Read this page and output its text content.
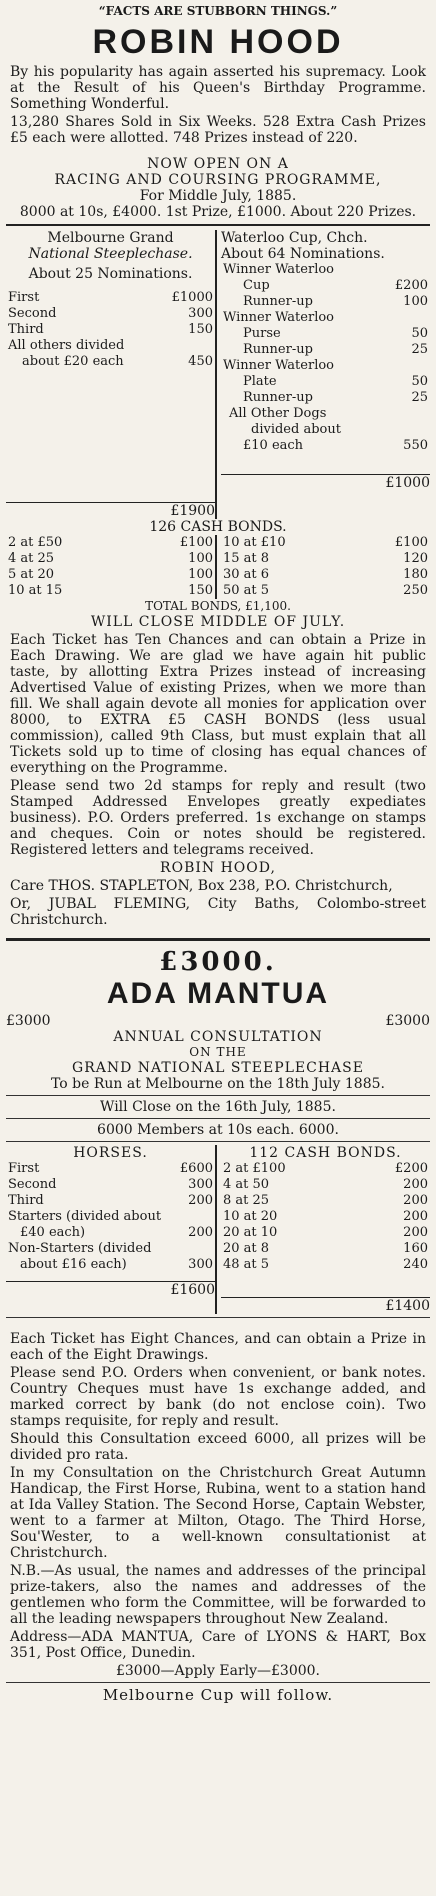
“FACTS ARE STUBBORN THINGS.”
ROBIN HOOD
By his popularity has again asserted his supremacy. Look at the Result of his Queen's Birthday Programme. Something Wonderful.
13,280 Shares Sold in Six Weeks. 528 Extra Cash Prizes £5 each were allotted. 748 Prizes instead of 220.
NOW OPEN ON A
RACING AND COURSING PROGRAMME,
For Middle July, 1885.
8000 at 10s, £4000. 1st Prize, £1000. About 220 Prizes.
Melbourne Grand
National Steeplechase.
About 25 Nominations.
First	£1000
Second	300
Third	150
All others divided	
about £20 each	450
£1900
Waterloo Cup, Chch.
About 64 Nominations.
Winner Waterloo	
Cup	£200
Runner-up	100
Winner Waterloo	
Purse	50
Runner-up	25
Winner Waterloo	
Plate	50
Runner-up	25
All Other Dogs	
divided about	
£10 each	550
£1000
126 CASH BONDS.
2 at £50	£100
4 at 25	100
5 at 20	100
10 at 15	150
10 at £10	£100
15 at 8	120
30 at 6	180
50 at 5	250
TOTAL BONDS, £1,100.
WILL CLOSE MIDDLE OF JULY.
Each Ticket has Ten Chances and can obtain a Prize in Each Drawing. We are glad we have again hit public taste, by allotting Extra Prizes instead of increasing Advertised Value of existing Prizes, when we more than fill. We shall again devote all monies for application over 8000, to EXTRA £5 CASH BONDS (less usual commission), called 9th Class, but must explain that all Tickets sold up to time of closing has equal chances of everything on the Programme.
Please send two 2d stamps for reply and result (two Stamped Addressed Envelopes greatly expediates business). P.O. Orders preferred. 1s exchange on stamps and cheques. Coin or notes should be registered. Registered letters and telegrams received.
ROBIN HOOD,
Care THOS. STAPLETON, Box 238, P.O. Christchurch,
Or, JUBAL FLEMING, City Baths, Colombo-street Christchurch.
£3000.
ADA MANTUA
£3000	£3000
ANNUAL CONSULTATION
ON THE
GRAND NATIONAL STEEPLECHASE
To be Run at Melbourne on the 18th July 1885.
Will Close on the 16th July, 1885.
6000 Members at 10s each. 6000.
HORSES.
First	£600
Second	300
Third	200
Starters (divided about	
£40 each)	200
Non-Starters (divided	
about £16 each)	300
£1600
112 CASH BONDS.
2 at £100	£200
4 at 50	200
8 at 25	200
10 at 20	200
20 at 10	200
20 at 8	160
48 at 5	240
£1400
Each Ticket has Eight Chances, and can obtain a Prize in each of the Eight Drawings.
Please send P.O. Orders when convenient, or bank notes. Country Cheques must have 1s exchange added, and marked correct by bank (do not enclose coin). Two stamps requisite, for reply and result.
Should this Consultation exceed 6000, all prizes will be divided pro rata.
In my Consultation on the Christchurch Great Autumn Handicap, the First Horse, Rubina, went to a station hand at Ida Valley Station. The Second Horse, Captain Webster, went to a farmer at Milton, Otago. The Third Horse, Sou'Wester, to a well-known consultationist at Christchurch.
N.B.—As usual, the names and addresses of the principal prize-takers, also the names and addresses of the gentlemen who form the Committee, will be forwarded to all the leading newspapers throughout New Zealand.
Address—ADA MANTUA, Care of LYONS & HART, Box 351, Post Office, Dunedin.
£3000—Apply Early—£3000.
Melbourne Cup will follow.
